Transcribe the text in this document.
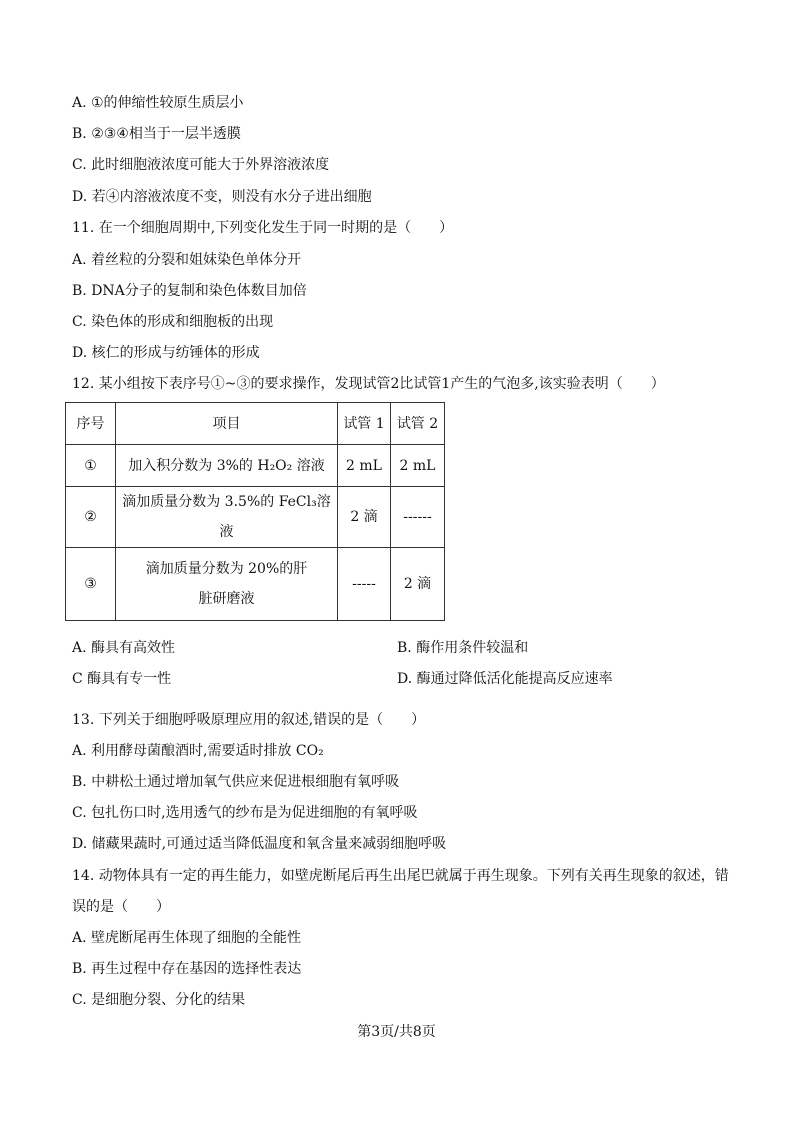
A. ①的伸缩性较原生质层小
B. ②③④相当于一层半透膜
C. 此时细胞液浓度可能大于外界溶液浓度
D. 若④内溶液浓度不变，则没有水分子进出细胞
11. 在一个细胞周期中,下列变化发生于同一时期的是（　　）
A. 着丝粒的分裂和姐妹染色单体分开
B. DNA分子的复制和染色体数目加倍
C. 染色体的形成和细胞板的出现
D. 核仁的形成与纺锤体的形成
12. 某小组按下表序号①~③的要求操作，发现试管2比试管1产生的气泡多,该实验表明（　　）
序号	项目	试管 1	试管 2
①	加入积分数为 3%的 H₂O₂ 溶液	2 mL	2 mL
②	滴加质量分数为 3.5%的 FeCl₃溶液	2 滴	------
③	滴加质量分数为 20%的肝脏研磨液	-----	2 滴
A. 酶具有高效性	B. 酶作用条件较温和
C 酶具有专一性	D. 酶通过降低活化能提高反应速率
13. 下列关于细胞呼吸原理应用的叙述,错误的是（　　）
A. 利用酵母菌酿酒时,需要适时排放 CO₂
B. 中耕松土通过增加氧气供应来促进根细胞有氧呼吸
C. 包扎伤口时,选用透气的纱布是为促进细胞的有氧呼吸
D. 储藏果蔬时,可通过适当降低温度和氧含量来减弱细胞呼吸
14. 动物体具有一定的再生能力，如壁虎断尾后再生出尾巴就属于再生现象。下列有关再生现象的叙述，错
误的是（　　）
A. 壁虎断尾再生体现了细胞的全能性
B. 再生过程中存在基因的选择性表达
C. 是细胞分裂、分化的结果
第3页/共8页
